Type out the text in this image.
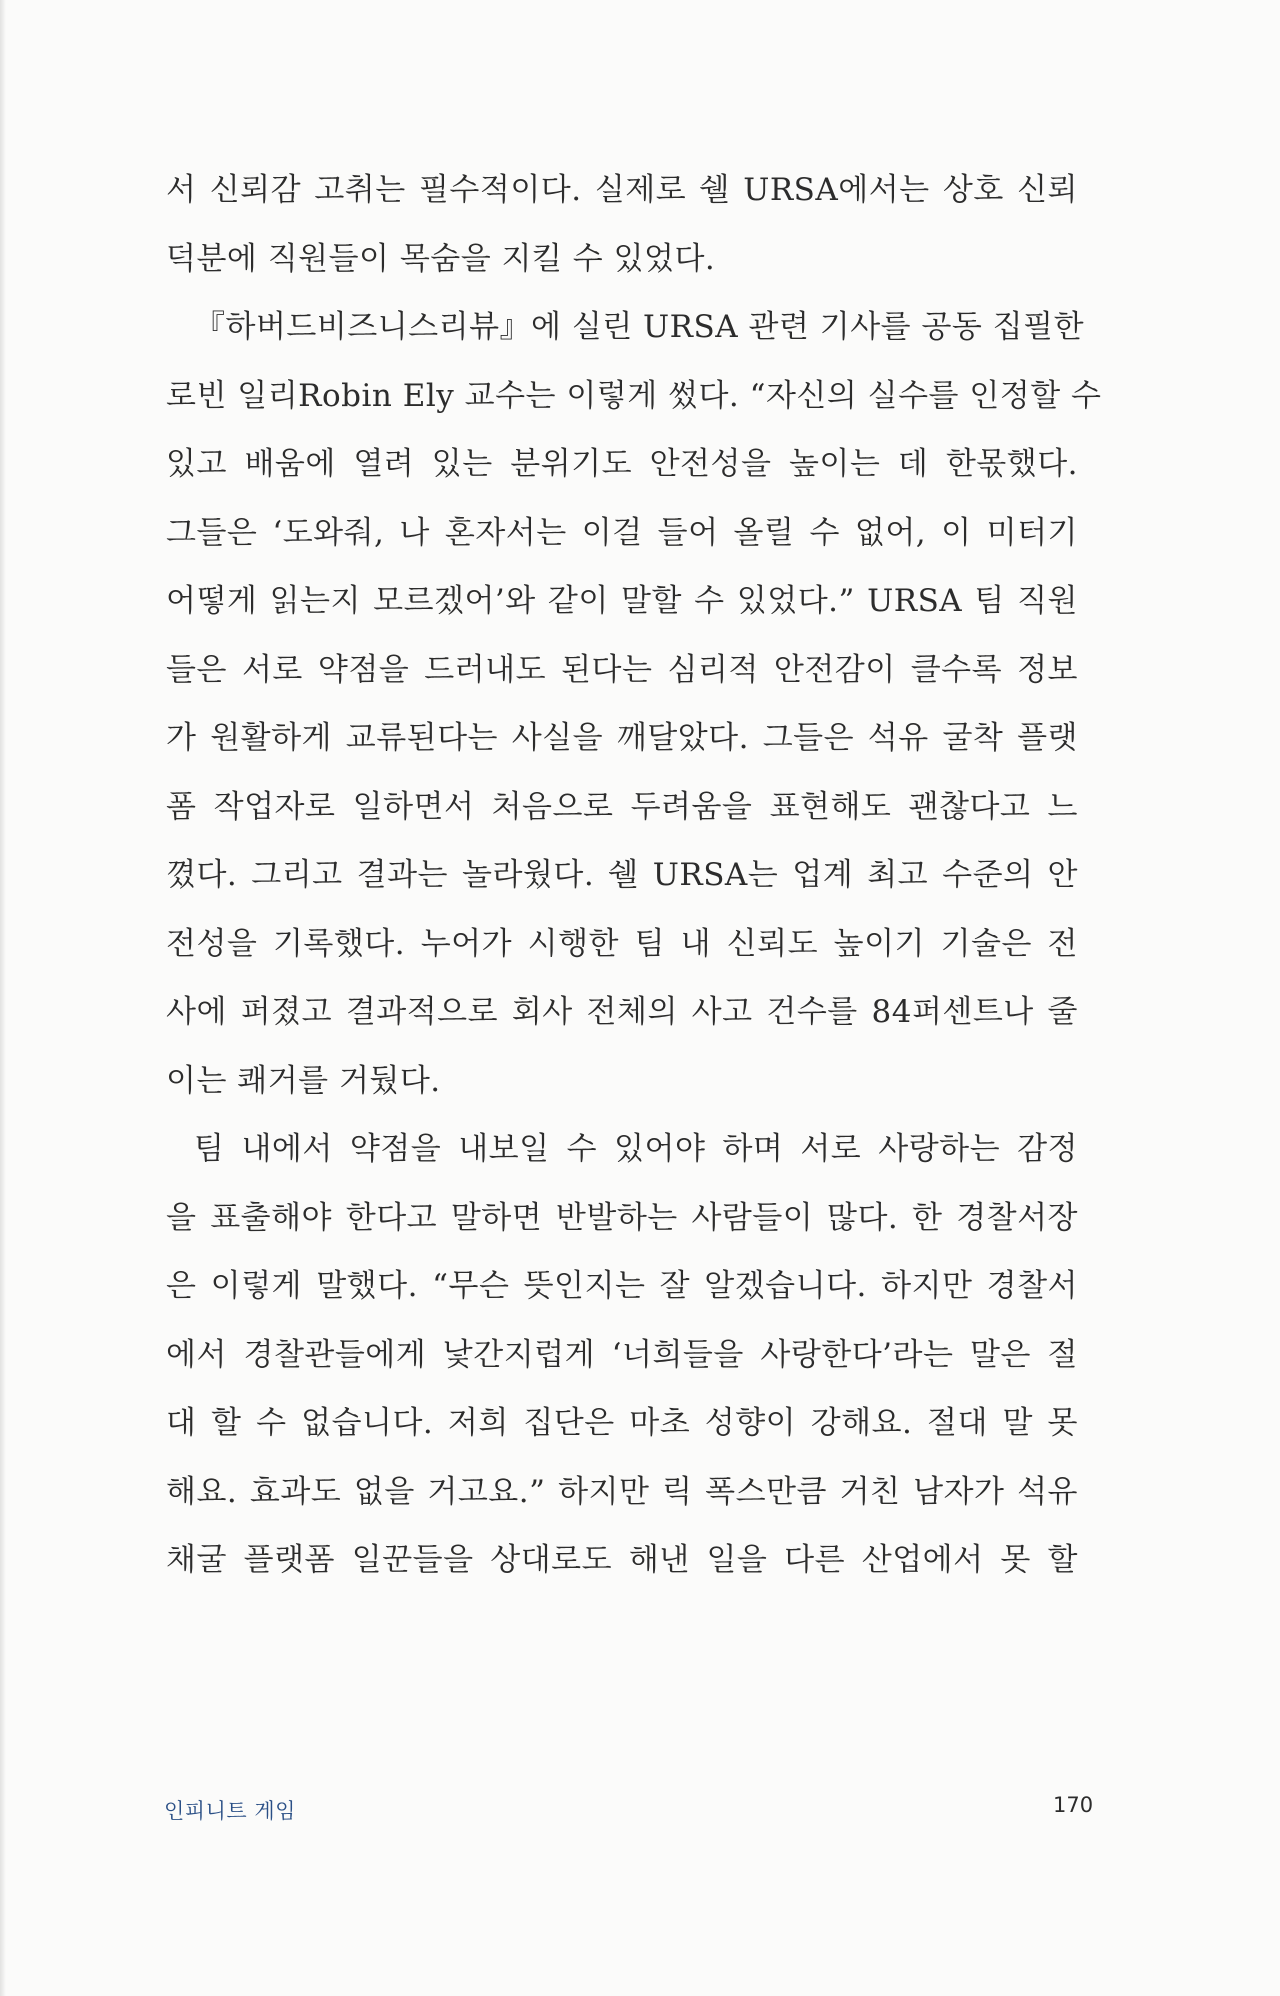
서 신뢰감 고취는 필수적이다. 실제로 쉘 URSA에서는 상호 신뢰
덕분에 직원들이 목숨을 지킬 수 있었다.
『하버드비즈니스리뷰』에 실린 URSA 관련 기사를 공동 집필한
로빈 일리Robin Ely 교수는 이렇게 썼다. “자신의 실수를 인정할 수
있고 배움에 열려 있는 분위기도 안전성을 높이는 데 한몫했다.
그들은 ‘도와줘, 나 혼자서는 이걸 들어 올릴 수 없어, 이 미터기
어떻게 읽는지 모르겠어’와 같이 말할 수 있었다.” URSA 팀 직원
들은 서로 약점을 드러내도 된다는 심리적 안전감이 클수록 정보
가 원활하게 교류된다는 사실을 깨달았다. 그들은 석유 굴착 플랫
폼 작업자로 일하면서 처음으로 두려움을 표현해도 괜찮다고 느
꼈다. 그리고 결과는 놀라웠다. 쉘 URSA는 업계 최고 수준의 안
전성을 기록했다. 누어가 시행한 팀 내 신뢰도 높이기 기술은 전
사에 퍼졌고 결과적으로 회사 전체의 사고 건수를 84퍼센트나 줄
이는 쾌거를 거뒀다.
팀 내에서 약점을 내보일 수 있어야 하며 서로 사랑하는 감정
을 표출해야 한다고 말하면 반발하는 사람들이 많다. 한 경찰서장
은 이렇게 말했다. “무슨 뜻인지는 잘 알겠습니다. 하지만 경찰서
에서 경찰관들에게 낯간지럽게 ‘너희들을 사랑한다’라는 말은 절
대 할 수 없습니다. 저희 집단은 마초 성향이 강해요. 절대 말 못
해요. 효과도 없을 거고요.” 하지만 릭 폭스만큼 거친 남자가 석유
채굴 플랫폼 일꾼들을 상대로도 해낸 일을 다른 산업에서 못 할
인피니트 게임	170
